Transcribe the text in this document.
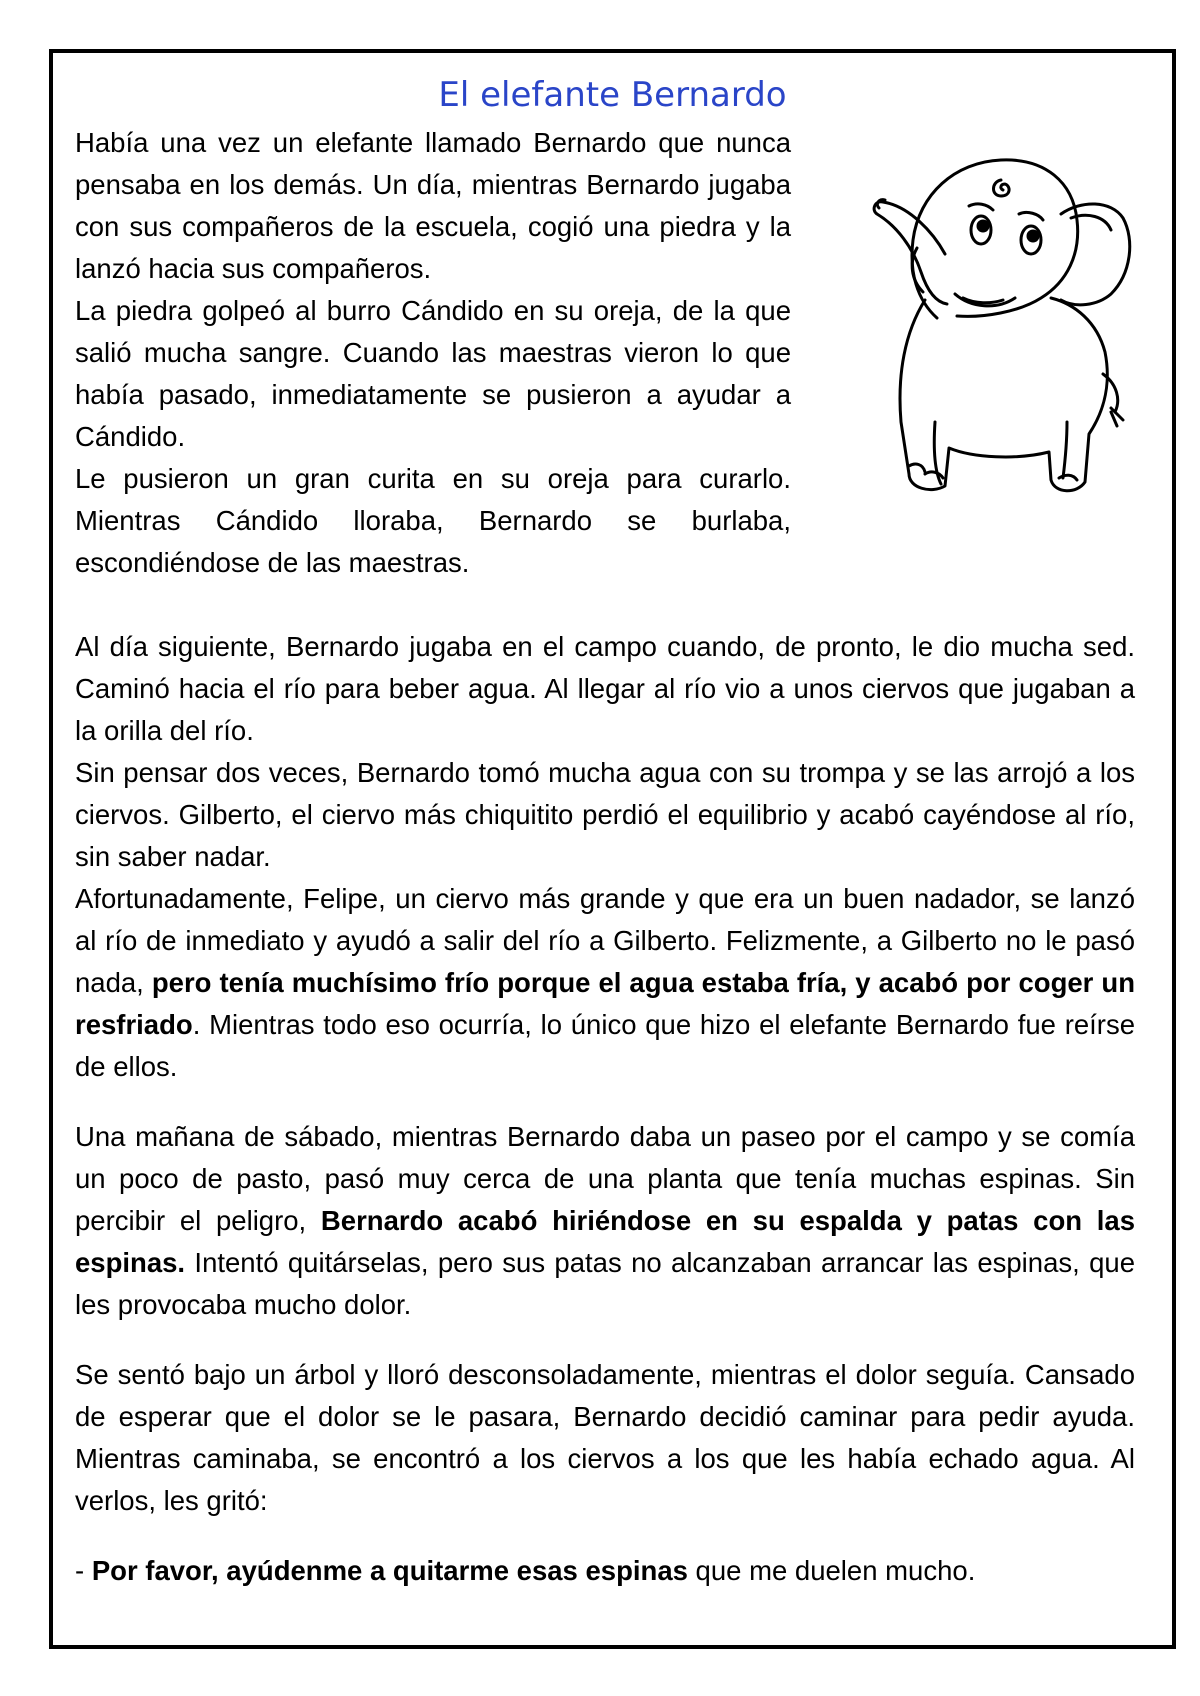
El elefante Bernardo

Había una vez un elefante llamado Bernardo que nunca pensaba en los demás. Un día, mientras Bernardo jugaba con sus compañeros de la escuela, cogió una piedra y la lanzó hacia sus compañeros.

La piedra golpeó al burro Cándido en su oreja, de la que salió mucha sangre. Cuando las maestras vieron lo que había pasado, inmediatamente se pusieron a ayudar a Cándido.

Le pusieron un gran curita en su oreja para curarlo. Mientras Cándido lloraba, Bernardo se burlaba, escondiéndose de las maestras.

Al día siguiente, Bernardo jugaba en el campo cuando, de pronto, le dio mucha sed. Caminó hacia el río para beber agua. Al llegar al río vio a unos ciervos que jugaban a la orilla del río.

Sin pensar dos veces, Bernardo tomó mucha agua con su trompa y se las arrojó a los ciervos. Gilberto, el ciervo más chiquitito perdió el equilibrio y acabó cayéndose al río, sin saber nadar.

Afortunadamente, Felipe, un ciervo más grande y que era un buen nadador, se lanzó al río de inmediato y ayudó a salir del río a Gilberto. Felizmente, a Gilberto no le pasó nada, pero tenía muchísimo frío porque el agua estaba fría, y acabó por coger un resfriado. Mientras todo eso ocurría, lo único que hizo el elefante Bernardo fue reírse de ellos.

Una mañana de sábado, mientras Bernardo daba un paseo por el campo y se comía un poco de pasto, pasó muy cerca de una planta que tenía muchas espinas. Sin percibir el peligro, Bernardo acabó hiriéndose en su espalda y patas con las espinas. Intentó quitárselas, pero sus patas no alcanzaban arrancar las espinas, que les provocaba mucho dolor.

Se sentó bajo un árbol y lloró desconsoladamente, mientras el dolor seguía. Cansado de esperar que el dolor se le pasara, Bernardo decidió caminar para pedir ayuda. Mientras caminaba, se encontró a los ciervos a los que les había echado agua. Al verlos, les gritó:

- Por favor, ayúdenme a quitarme esas espinas que me duelen mucho.
